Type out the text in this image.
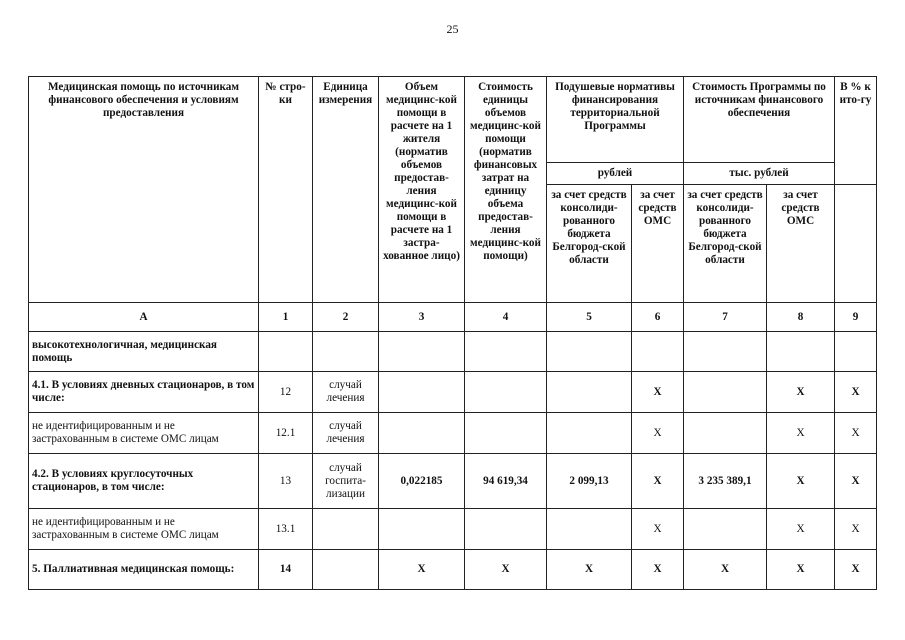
25
Медицинская помощь по источникам финансового обеспечения и условиям предоставления	№ стро-ки	Единица измерения	Объем медицинс-кой помощи в расчете на 1 жителя (норматив объемов предостав-ления медицинс-кой помощи в расчете на 1 застра-хованное лицо)	Стоимость единицы объемов медицинс-кой помощи (норматив финансовых затрат на единицу объема предостав-ления медицинс-кой помощи)	Подушевые нормативы финансирования территориальной Программы		Стоимость Программы по источникам финансового обеспечения		В % к ито-гу
					рублей		тыс. рублей		
					за счет средств консолиди-рованного бюджета Белгород-ской области	за счет средств ОМС	за счет средств консолиди-рованного бюджета Белгород-ской области	за счет средств ОМС	
А	1	2	3	4	5	6	7	8	9
высокотехнологичная, медицинская помощь									
4.1. В условиях дневных стационаров, в том числе:	12	случай лечения				Х		Х	Х
не идентифицированным и не застрахованным в системе ОМС лицам	12.1	случай лечения				Х		Х	Х
4.2. В условиях круглосуточных стационаров, в том числе:	13	случай госпита-лизации	0,022185	94 619,34	2 099,13	Х	3 235 389,1	Х	Х
не идентифицированным и не застрахованным в системе ОМС лицам	13.1					Х		Х	Х
5. Паллиативная медицинская помощь:	14		Х	Х	Х	Х	Х	Х	Х
